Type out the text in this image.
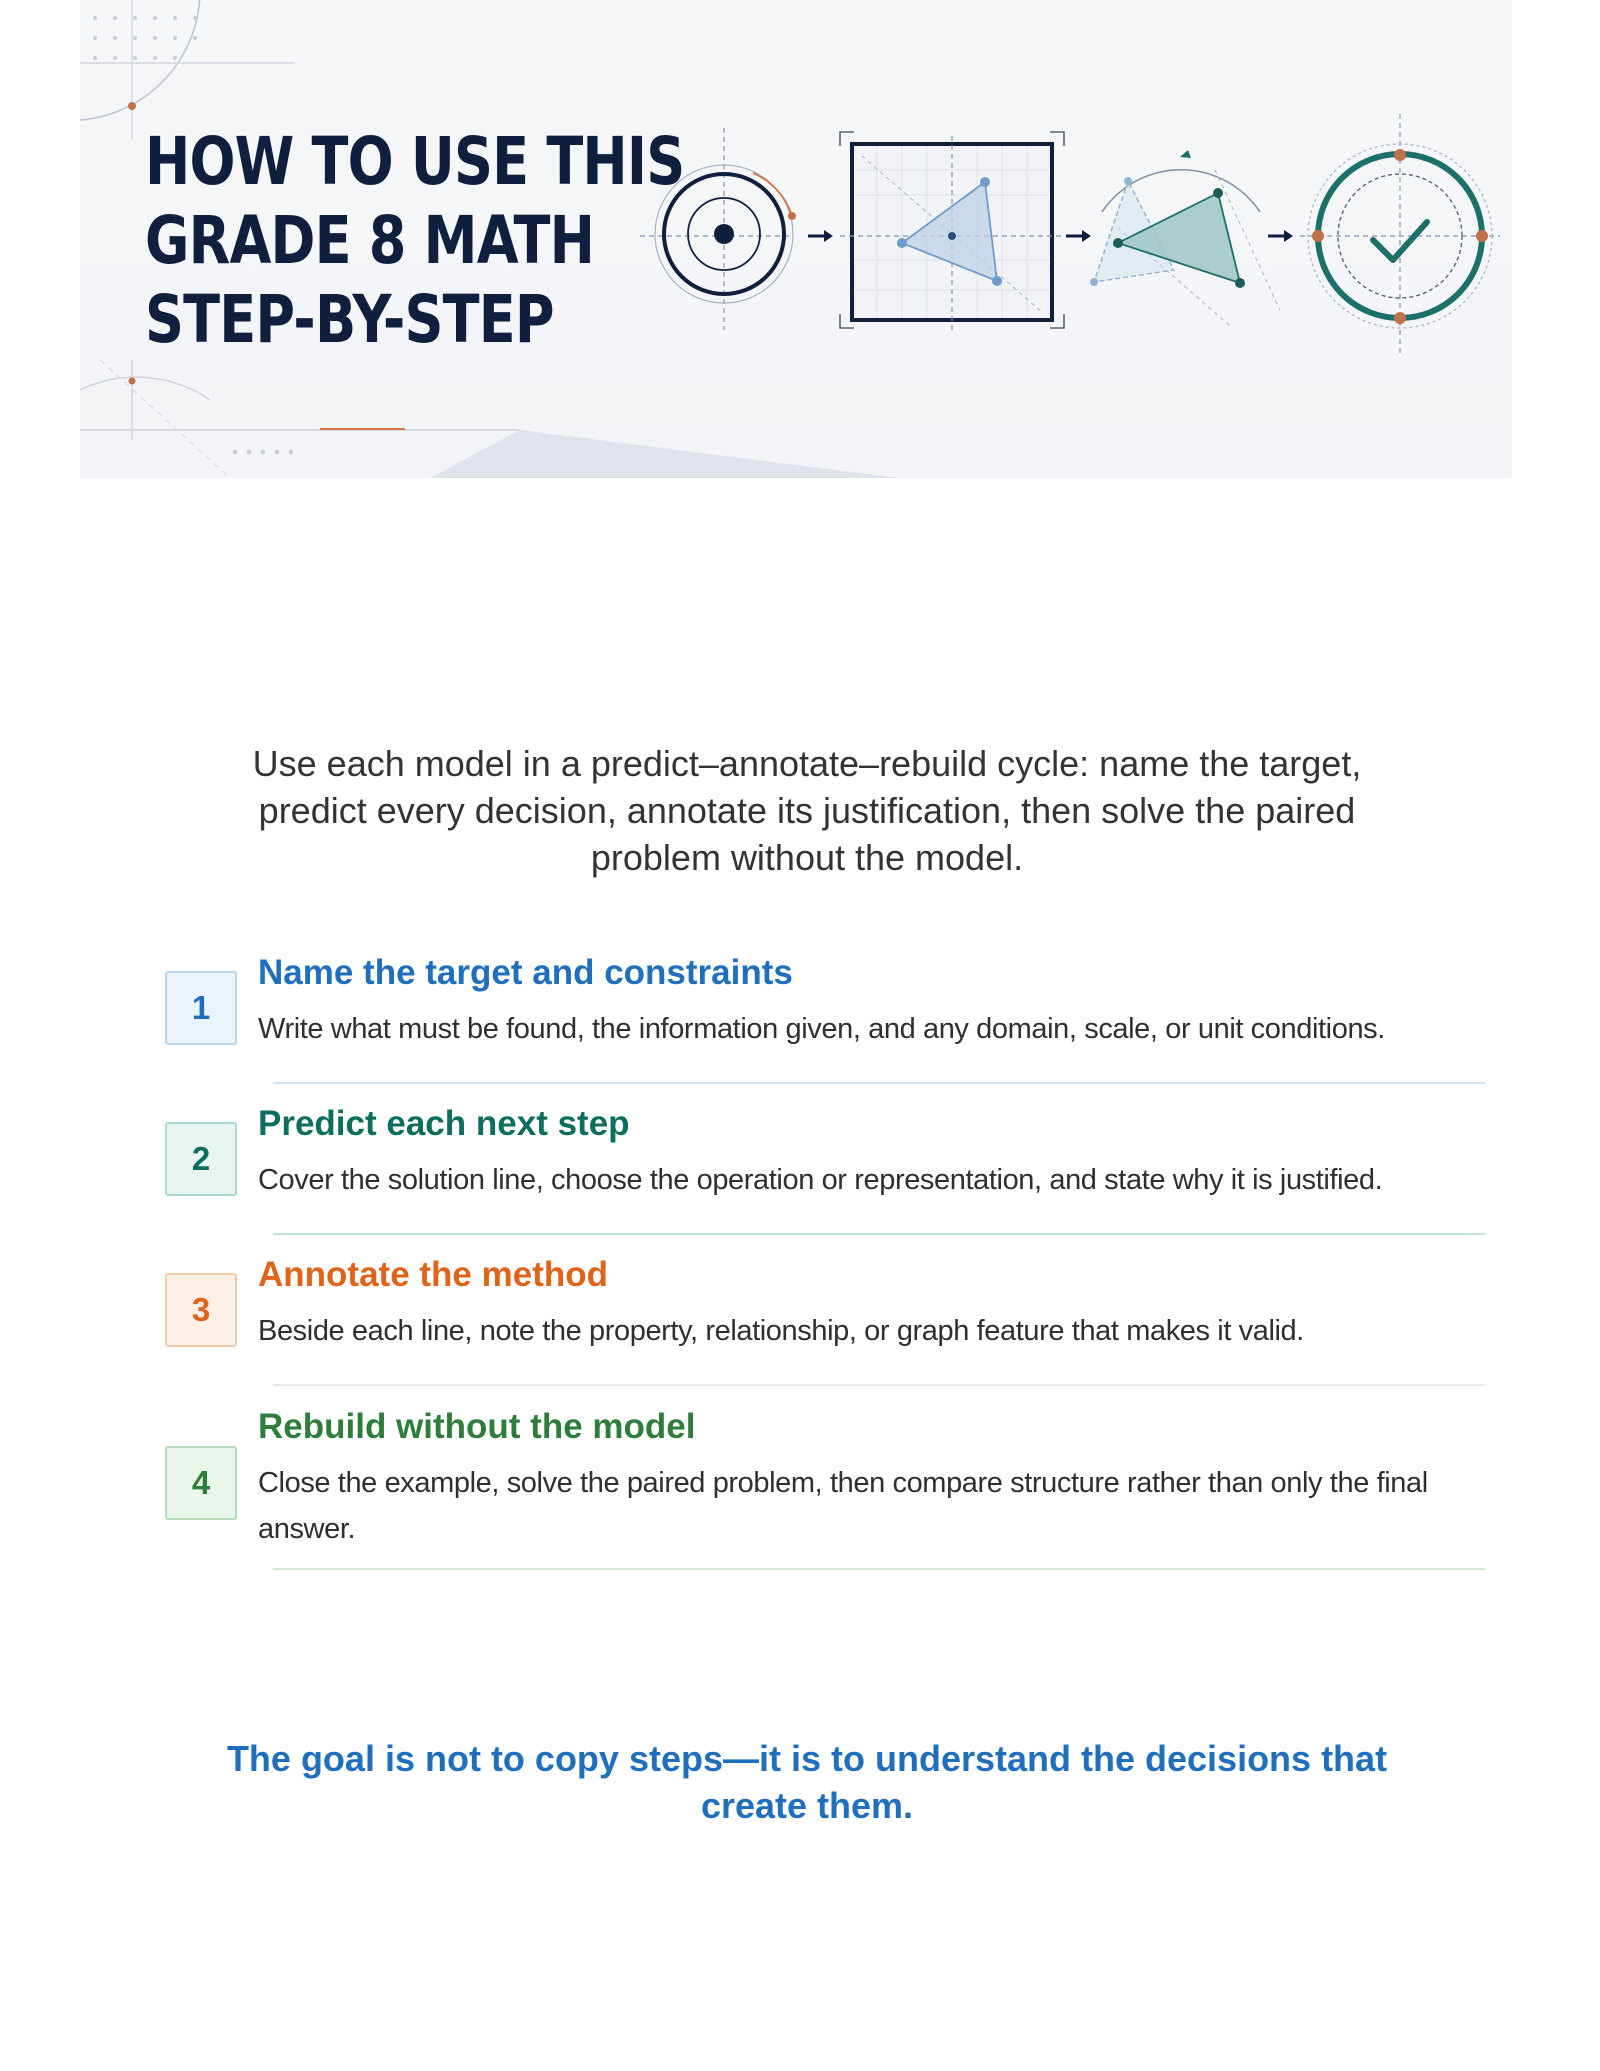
HOW TO USE THIS
GRADE 8 MATH
STEP-BY-STEP

Use each model in a predict–annotate–rebuild cycle: name the target, predict every decision, annotate its justification, then solve the paired problem without the model.

1
Name the target and constraints

Write what must be found, the information given, and any domain, scale, or unit conditions.

2
Predict each next step

Cover the solution line, choose the operation or representation, and state why it is justified.

3
Annotate the method

Beside each line, note the property, relationship, or graph feature that makes it valid.

4
Rebuild without the model

Close the example, solve the paired problem, then compare structure rather than only the final answer.

The goal is not to copy steps—it is to understand the decisions that create them.
